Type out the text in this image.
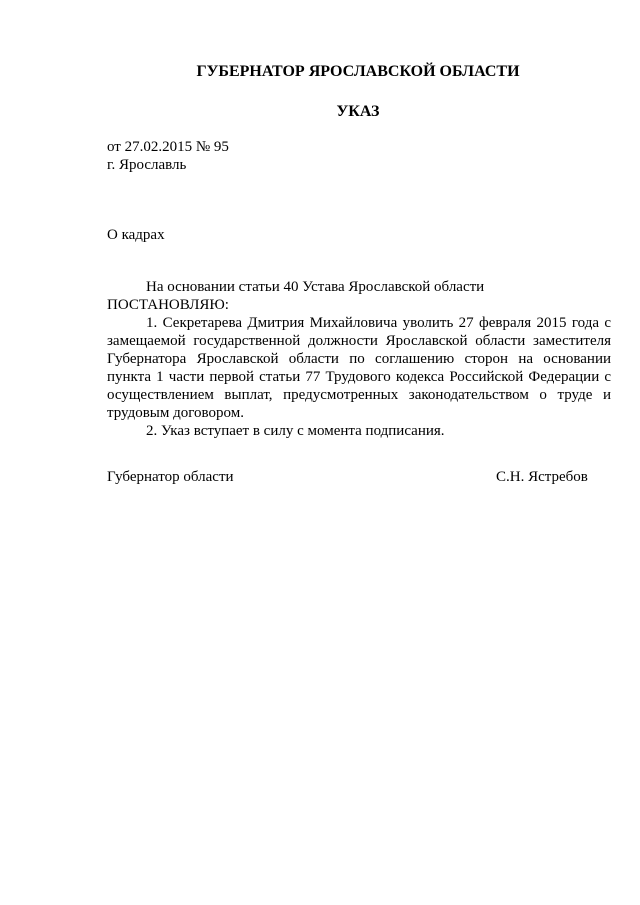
ГУБЕРНАТОР ЯРОСЛАВСКОЙ ОБЛАСТИ
УКАЗ
от 27.02.2015 № 95
г. Ярославль
О кадрах
На основании статьи 40 Устава Ярославской области
ПОСТАНОВЛЯЮ:

1. Секретарева Дмитрия Михайловича уволить 27 февраля 2015 года с замещаемой государственной должности Ярославской области заместителя Губернатора Ярославской области по соглашению сторон на основании пункта 1 части первой статьи 77 Трудового кодекса Российской Федерации с осуществлением выплат, предусмотренных законодательством о труде и трудовым договором.

2. Указ вступает в силу с момента подписания.

Губернатор области	С.Н. Ястребов
